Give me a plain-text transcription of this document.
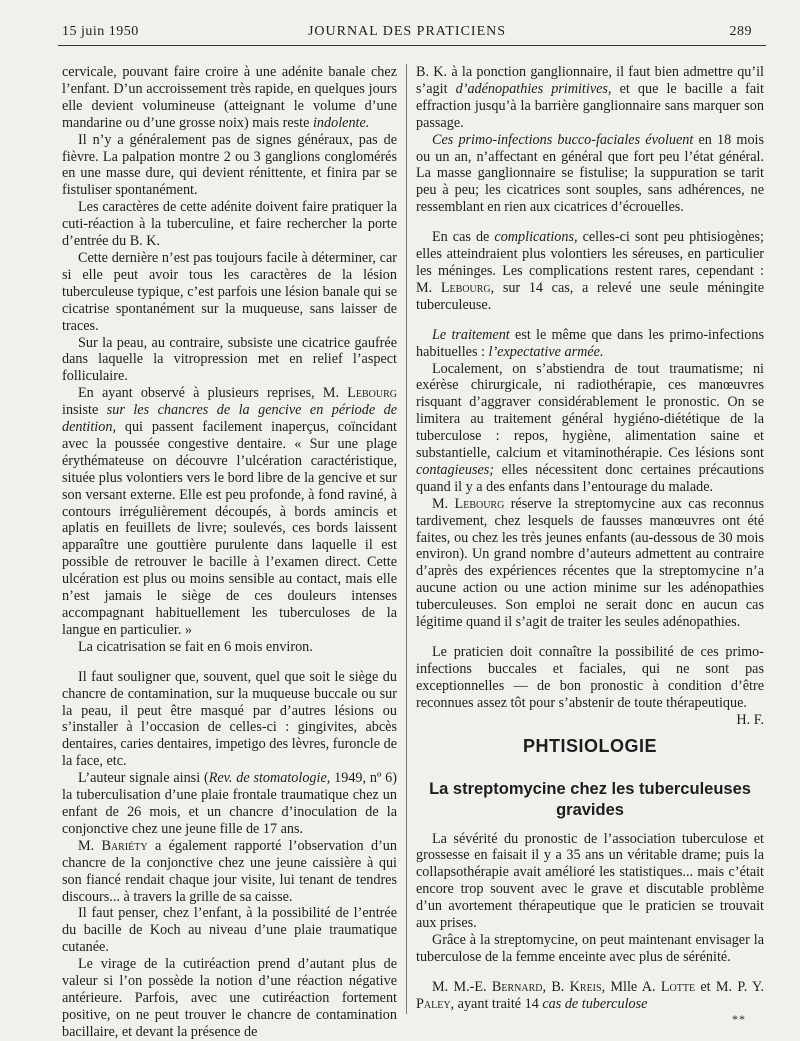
15 juin 1950	JOURNAL DES PRATICIENS	289

cervicale, pouvant faire croire à une adénite banale chez l’enfant. D’un accroissement très rapide, en quelques jours elle devient volumineuse (atteignant le volume d’une mandarine ou d’une grosse noix) mais reste indolente.

Il n’y a généralement pas de signes généraux, pas de fièvre. La palpation montre 2 ou 3 ganglions conglomérés en une masse dure, qui devient rénittente, et finira par se fistuliser spontanément.

Les caractères de cette adénite doivent faire pratiquer la cuti-réaction à la tuberculine, et faire rechercher la porte d’entrée du B. K.

Cette dernière n’est pas toujours facile à déterminer, car si elle peut avoir tous les caractères de la lésion tuberculeuse typique, c’est parfois une lésion banale qui se cicatrise spontanément sur la muqueuse, sans laisser de traces.

Sur la peau, au contraire, subsiste une cicatrice gaufrée dans laquelle la vitropression met en relief l’aspect folliculaire.

En ayant observé à plusieurs reprises, M. Lebourg insiste sur les chancres de la gencive en période de dentition, qui passent facilement inaperçus, coïncidant avec la poussée congestive dentaire. « Sur une plage érythémateuse on découvre l’ulcération caractéristique, située plus volontiers vers le bord libre de la gencive et sur son versant externe. Elle est peu profonde, à fond raviné, à contours irrégulièrement découpés, à bords amincis et aplatis en feuillets de livre; soulevés, ces bords laissent apparaître une gouttière purulente dans laquelle il est possible de retrouver le bacille à l’examen direct. Cette ulcération est plus ou moins sensible au contact, mais elle n’est jamais le siège de ces douleurs intenses accompagnant habituellement les tuberculoses de la langue en particulier. »

La cicatrisation se fait en 6 mois environ.

Il faut souligner que, souvent, quel que soit le siège du chancre de contamination, sur la muqueuse buccale ou sur la peau, il peut être masqué par d’autres lésions ou s’installer à l’occasion de celles-ci : gingivites, abcès dentaires, caries dentaires, impetigo des lèvres, furoncle de la face, etc.

L’auteur signale ainsi (Rev. de stomatologie, 1949, nº 6) la tuberculisation d’une plaie frontale traumatique chez un enfant de 26 mois, et un chancre d’inoculation de la conjonctive chez une jeune fille de 17 ans.

M. Bariéty a également rapporté l’observation d’un chancre de la conjonctive chez une jeune caissière à qui son fiancé rendait chaque jour visite, lui tenant de tendres discours... à travers la grille de sa caisse.

Il faut penser, chez l’enfant, à la possibilité de l’entrée du bacille de Koch au niveau d’une plaie traumatique cutanée.

Le virage de la cutiréaction prend d’autant plus de valeur si l’on possède la notion d’une réaction négative antérieure. Parfois, avec une cutiréaction fortement positive, on ne peut trouver le chancre de contamination bacillaire, et devant la présence de

B. K. à la ponction ganglionnaire, il faut bien admettre qu’il s’agit d’adénopathies primitives, et que le bacille a fait effraction jusqu’à la barrière ganglionnaire sans marquer son passage.

Ces primo-infections bucco-faciales évoluent en 18 mois ou un an, n’affectant en général que fort peu l’état général. La masse ganglionnaire se fistulise; la suppuration se tarit peu à peu; les cicatrices sont souples, sans adhérences, ne ressemblant en rien aux cicatrices d’écrouelles.

En cas de complications, celles-ci sont peu phtisiogènes; elles atteindraient plus volontiers les séreuses, en particulier les méninges. Les complications restent rares, cependant : M. Lebourg, sur 14 cas, a relevé une seule méningite tuberculeuse.

Le traitement est le même que dans les primo-infections habituelles : l’expectative armée.

Localement, on s’abstiendra de tout traumatisme; ni exérèse chirurgicale, ni radiothérapie, ces manœuvres risquant d’aggraver considérablement le pronostic. On se limitera au traitement général hygiéno-diététique de la tuberculose : repos, hygiène, alimentation saine et substantielle, calcium et vitaminothérapie. Ces lésions sont contagieuses; elles nécessitent donc certaines précautions quand il y a des enfants dans l’entourage du malade.

M. Lebourg réserve la streptomycine aux cas reconnus tardivement, chez lesquels de fausses manœuvres ont été faites, ou chez les très jeunes enfants (au-dessous de 30 mois environ). Un grand nombre d’auteurs admettent au contraire d’après des expériences récentes que la streptomycine n’a aucune action ou une action minime sur les adénopathies tuberculeuses. Son emploi ne serait donc en aucun cas légitime quand il s’agit de traiter les seules adénopathies.

Le praticien doit connaître la possibilité de ces primo-infections buccales et faciales, qui ne sont pas exceptionnelles — de bon pronostic à condition d’être reconnues assez tôt pour s’abstenir de toute thérapeutique.
H. F.

PHTISIOLOGIE

La streptomycine chez les tuberculeuses gravides

La sévérité du pronostic de l’association tuberculose et grossesse en faisait il y a 35 ans un véritable drame; puis la collapsothérapie avait amélioré les statistiques... mais c’était encore trop souvent avec le grave et discutable problème d’un avortement thérapeutique que le praticien se trouvait aux prises.

Grâce à la streptomycine, on peut maintenant envisager la tuberculose de la femme enceinte avec plus de sérénité.

M. M.-E. Bernard, B. Kreis, Mlle A. Lotte et M. P. Y. Paley, ayant traité 14 cas de tuberculose

**
